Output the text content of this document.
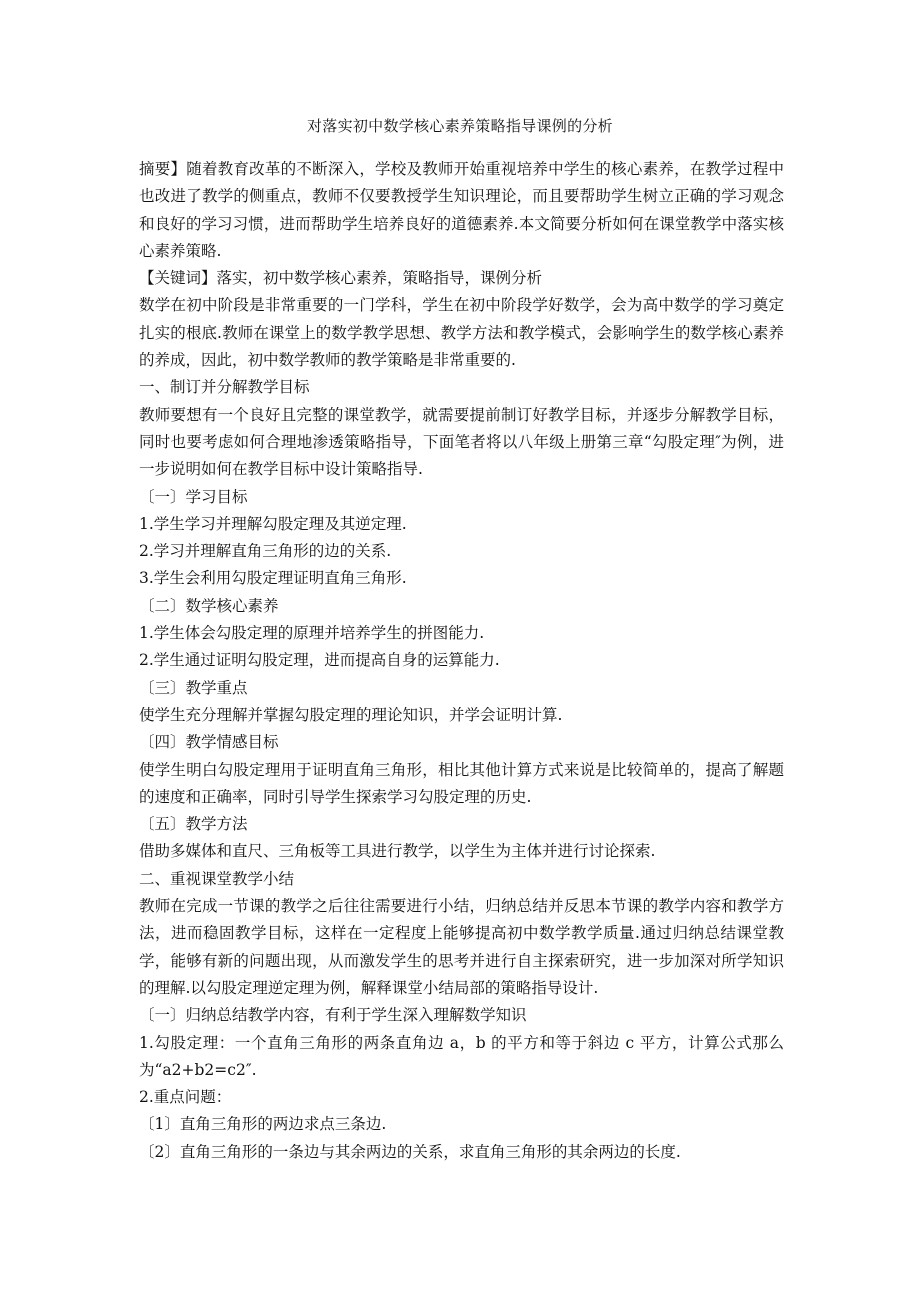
对落实初中数学核心素养策略指导课例的分析

摘要】随着教育改革的不断深入，学校及教师开始重视培养中学生的核心素养，在教学过程中也改进了教学的侧重点，教师不仅要教授学生知识理论，而且要帮助学生树立正确的学习观念和良好的学习习惯，进而帮助学生培养良好的道德素养.本文简要分析如何在课堂教学中落实核心素养策略.

【关键词】落实，初中数学核心素养，策略指导，课例分析

数学在初中阶段是非常重要的一门学科，学生在初中阶段学好数学，会为高中数学的学习奠定扎实的根底.教师在课堂上的数学教学思想、教学方法和教学模式，会影响学生的数学核心素养的养成，因此，初中数学教师的教学策略是非常重要的.

一、制订并分解教学目标

教师要想有一个良好且完整的课堂教学，就需要提前制订好教学目标，并逐步分解教学目标，同时也要考虑如何合理地渗透策略指导，下面笔者将以八年级上册第三章“勾股定理″为例，进一步说明如何在教学目标中设计策略指导.

〔一〕学习目标

1.学生学习并理解勾股定理及其逆定理.

2.学习并理解直角三角形的边的关系.

3.学生会利用勾股定理证明直角三角形.

〔二〕数学核心素养

1.学生体会勾股定理的原理并培养学生的拼图能力.

2.学生通过证明勾股定理，进而提高自身的运算能力.

〔三〕教学重点

使学生充分理解并掌握勾股定理的理论知识，并学会证明计算.

〔四〕教学情感目标

使学生明白勾股定理用于证明直角三角形，相比其他计算方式来说是比较简单的，提高了解题的速度和正确率，同时引导学生探索学习勾股定理的历史.

〔五〕教学方法

借助多媒体和直尺、三角板等工具进行教学，以学生为主体并进行讨论探索.

二、重视课堂教学小结

教师在完成一节课的教学之后往往需要进行小结，归纳总结并反思本节课的教学内容和教学方法，进而稳固教学目标，这样在一定程度上能够提高初中数学教学质量.通过归纳总结课堂教学，能够有新的问题出现，从而激发学生的思考并进行自主探索研究，进一步加深对所学知识的理解.以勾股定理逆定理为例，解释课堂小结局部的策略指导设计.

〔一〕归纳总结教学内容，有利于学生深入理解数学知识

1.勾股定理：一个直角三角形的两条直角边 a，b 的平方和等于斜边 c 平方，计算公式那么为“a2+b2=c2″.

2.重点问题：

〔1〕直角三角形的两边求点三条边.

〔2〕直角三角形的一条边与其余两边的关系，求直角三角形的其余两边的长度.
